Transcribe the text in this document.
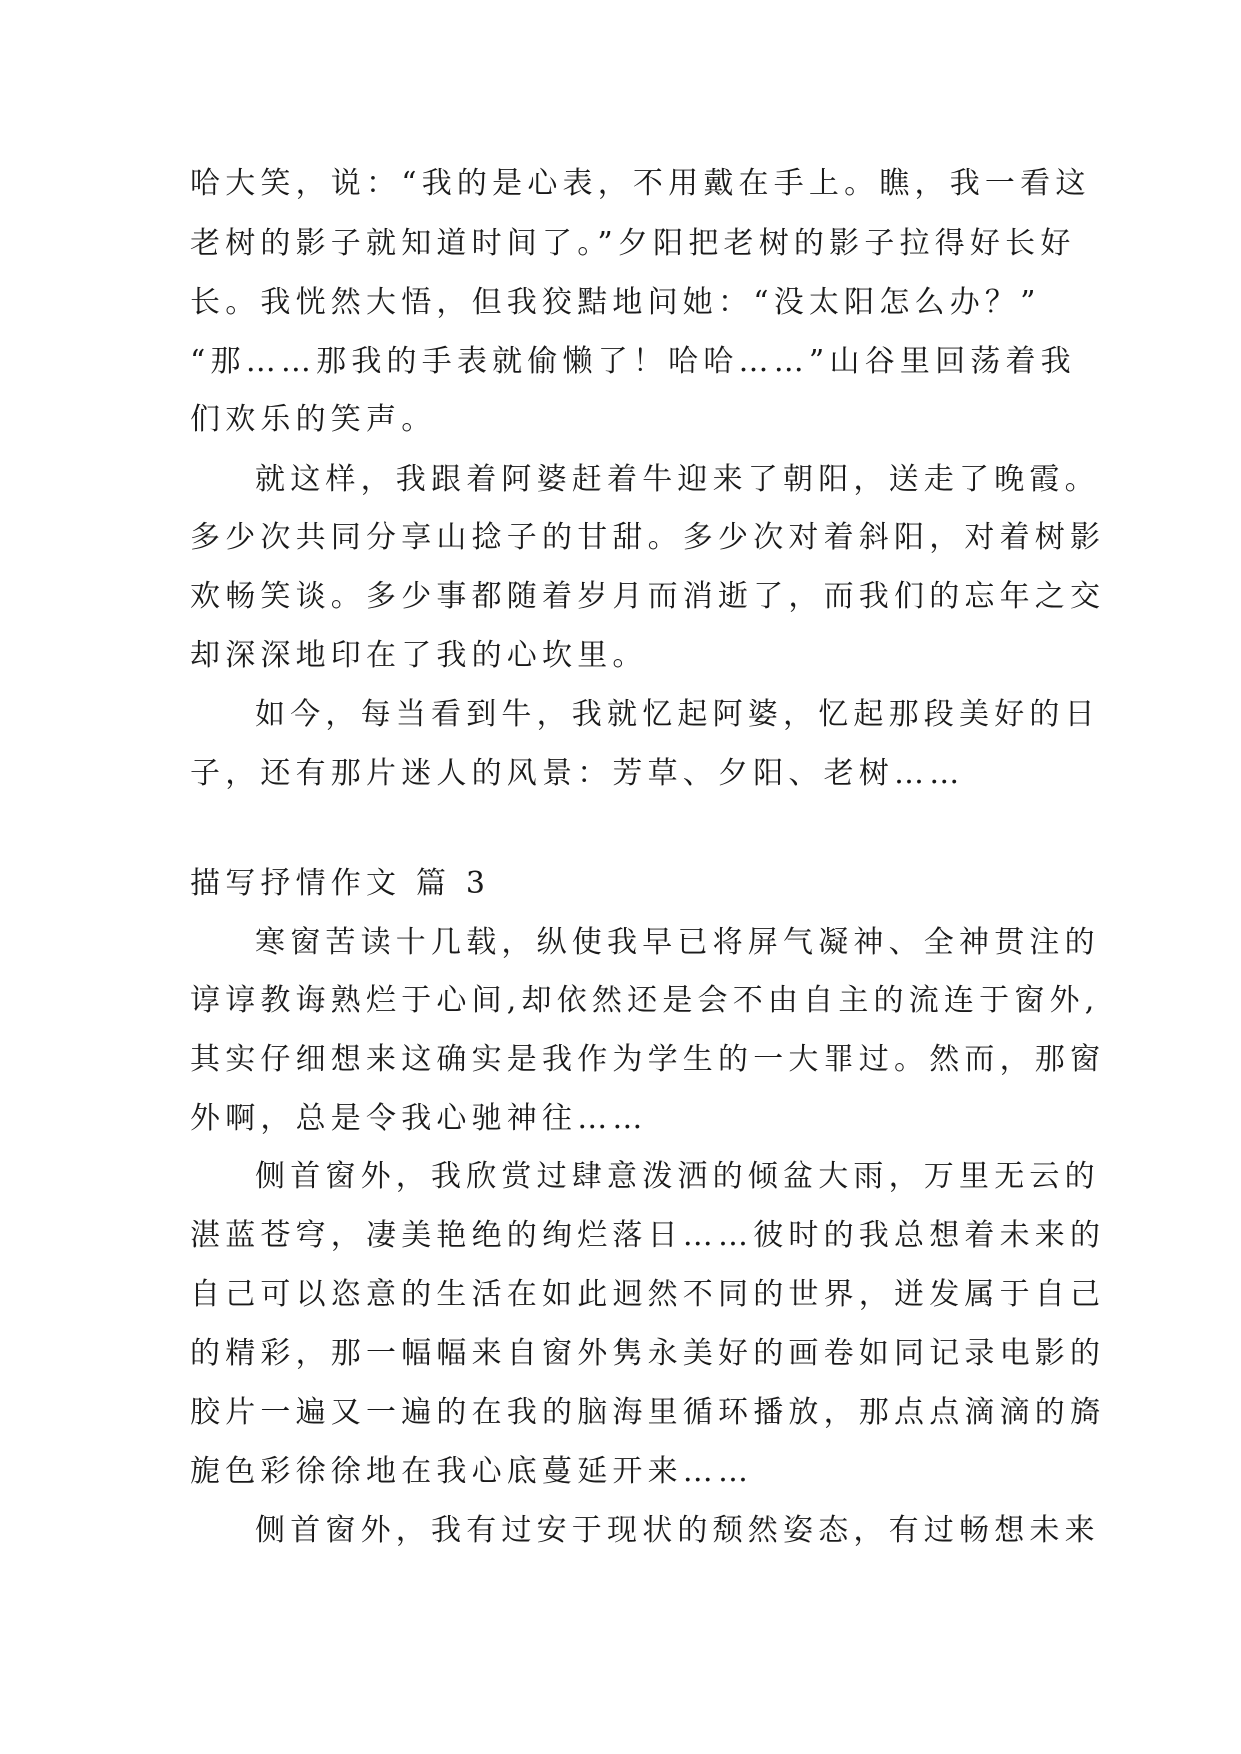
哈大笑，说：“我的是心表，不用戴在手上。瞧，我一看这
老树的影子就知道时间了。”夕阳把老树的影子拉得好长好
长。我恍然大悟，但我狡黠地问她：“没太阳怎么办？”
“那……那我的手表就偷懒了！哈哈……”山谷里回荡着我
们欢乐的笑声。
就这样，我跟着阿婆赶着牛迎来了朝阳，送走了晚霞。
多少次共同分享山捻子的甘甜。多少次对着斜阳，对着树影
欢畅笑谈。多少事都随着岁月而消逝了，而我们的忘年之交
却深深地印在了我的心坎里。
如今，每当看到牛，我就忆起阿婆，忆起那段美好的日
子，还有那片迷人的风景：芳草、夕阳、老树……
描写抒情作文 篇 3
寒窗苦读十几载，纵使我早已将屏气凝神、全神贯注的
谆谆教诲熟烂于心间,却依然还是会不由自主的流连于窗外,
其实仔细想来这确实是我作为学生的一大罪过。然而，那窗
外啊，总是令我心驰神往……
侧首窗外，我欣赏过肆意泼洒的倾盆大雨，万里无云的
湛蓝苍穹，凄美艳绝的绚烂落日……彼时的我总想着未来的
自己可以恣意的生活在如此迥然不同的世界，迸发属于自己
的精彩，那一幅幅来自窗外隽永美好的画卷如同记录电影的
胶片一遍又一遍的在我的脑海里循环播放，那点点滴滴的旖
旎色彩徐徐地在我心底蔓延开来……
侧首窗外，我有过安于现状的颓然姿态，有过畅想未来
